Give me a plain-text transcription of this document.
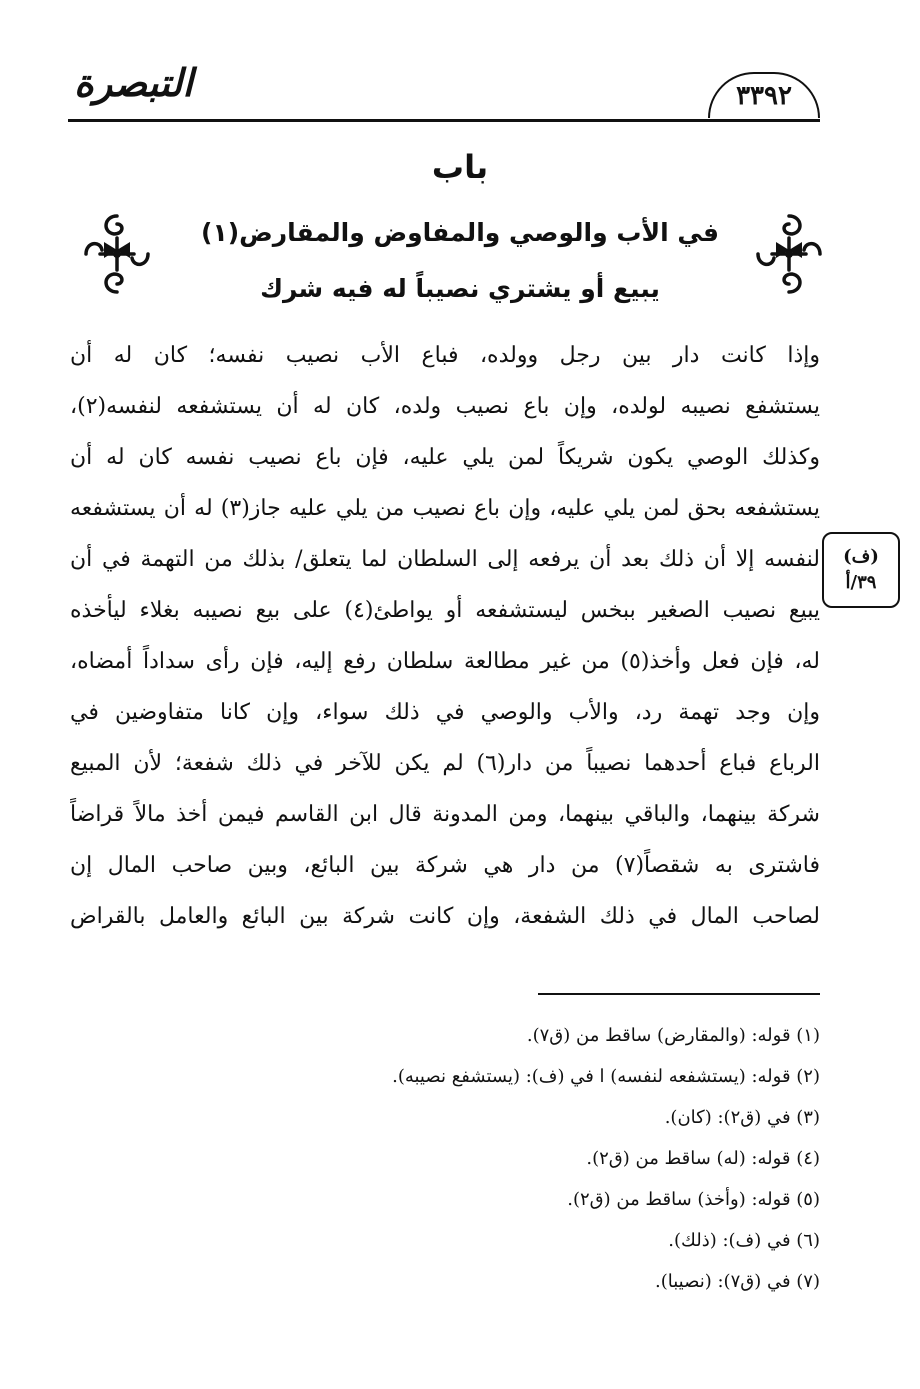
التبصرة	٣٣٩٢
باب
في الأب والوصي والمفاوض والمقارض(١)
يبيع أو يشتري نصيباً له فيه شرك
وإذا كانت دار بين رجل وولده، فباع الأب نصيب نفسه؛ كان له أن
يستشفع نصيبه لولده، وإن باع نصيب ولده، كان له أن يستشفعه لنفسه(٢)،
وكذلك الوصي يكون شريكاً لمن يلي عليه، فإن باع نصيب نفسه كان له أن
يستشفعه بحق لمن يلي عليه، وإن باع نصيب من يلي عليه جاز(٣) له أن يستشفعه
لنفسه إلا أن ذلك بعد أن يرفعه إلى السلطان لما يتعلق/ بذلك من التهمة في أن
يبيع نصيب الصغير ببخس ليستشفعه أو يواطئ(٤) على بيع نصيبه بغلاء ليأخذه
له، فإن فعل وأخذ(٥) من غير مطالعة سلطان رفع إليه، فإن رأى سداداً أمضاه،
وإن وجد تهمة رد، والأب والوصي في ذلك سواء، وإن كانا متفاوضين في
الرباع فباع أحدهما نصيباً من دار(٦) لم يكن للآخر في ذلك شفعة؛ لأن المبيع
شركة بينهما، والباقي بينهما، ومن المدونة قال ابن القاسم فيمن أخذ مالاً قراضاً
فاشترى به شقصاً(٧) من دار هي شركة بين البائع، وبين صاحب المال إن
لصاحب المال في ذلك الشفعة، وإن كانت شركة بين البائع والعامل بالقراض
(ف)
٣٩/أ
(١) قوله: (والمقارض) ساقط من (ق٧).
(٢) قوله: (يستشفعه لنفسه) ا في (ف): (يستشفع نصيبه).
(٣) في (ق٢): (كان).
(٤) قوله: (له) ساقط من (ق٢).
(٥) قوله: (وأخذ) ساقط من (ق٢).
(٦) في (ف): (ذلك).
(٧) في (ق٧): (نصيبا).
